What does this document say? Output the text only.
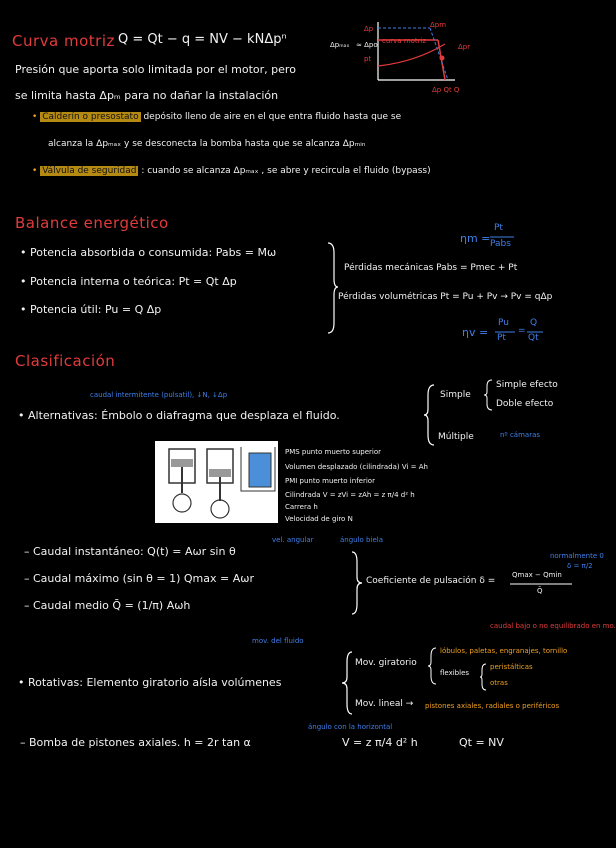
Curva motriz Q = Qt − q = NV − kNΔpⁿ
Presión que aporta solo limitada por el motor, pero
se limita hasta Δpₘ para no dañar la instalación
• Calderín o presostato depósito lleno de aire en el que entra fluido hasta que se
alcanza la Δpₘₐₓ y se desconecta la bomba hasta que se alcanza Δpₘᵢₙ
• Válvula de seguridad : cuando se alcanza Δpₘₐₓ , se abre y recircula el fluido (bypass)
Δp	Δpm
Δpₘₐₓ ≈ Δpo curva motriz
pt
Δpr
Δp Qt Q
Balance energético
• Potencia absorbida o consumida: Pabs = Mω
• Potencia interna o teórica: Pt = Qt Δp
• Potencia útil: Pu = Q Δp
Pérdidas mecánicas Pabs = Pmec + Pt
Pérdidas volumétricas Pt = Pu + Pv → Pv = qΔp
ηm =
Pt
Pabs
ηv =
Pu
Pt
=
Q
Qt
Clasificación
caudal intermitente (pulsatil), ↓N, ↓Δp
• Alternativas: Émbolo o diafragma que desplaza el fluido.
Simple
Simple efecto
Doble efecto
Múltiple	nº cámaras
PMS punto muerto superior
Volumen desplazado (cilindrada) Vi = Ah
PMI punto muerto inferior
Cilindrada V = zVi = zAh = z π/4 d² h
Carrera h
Velocidad de giro N
vel. angular	ángulo biela
– Caudal instantáneo: Q(t) = Aωr sin θ
– Caudal máximo (sin θ = 1) Qmax = Aωr
– Caudal medio Q̄ = (1/π) Aωh
Coeficiente de pulsación δ =
Qmax − Qmin
Q̄
normalmente 0
δ = π/2
mov. del fluido
caudal bajo o no equilibrado en mo.
• Rotativas: Elemento giratorio aísla volúmenes
Mov. giratorio
lóbulos, paletas, engranajes, tornillo
flexibles
peristálticas
otras
Mov. lineal → pistones axiales, radiales o periféricos
ángulo con la horizontal
– Bomba de pistones axiales. h = 2r tan α	V = z π/4 d² h	Qt = NV
